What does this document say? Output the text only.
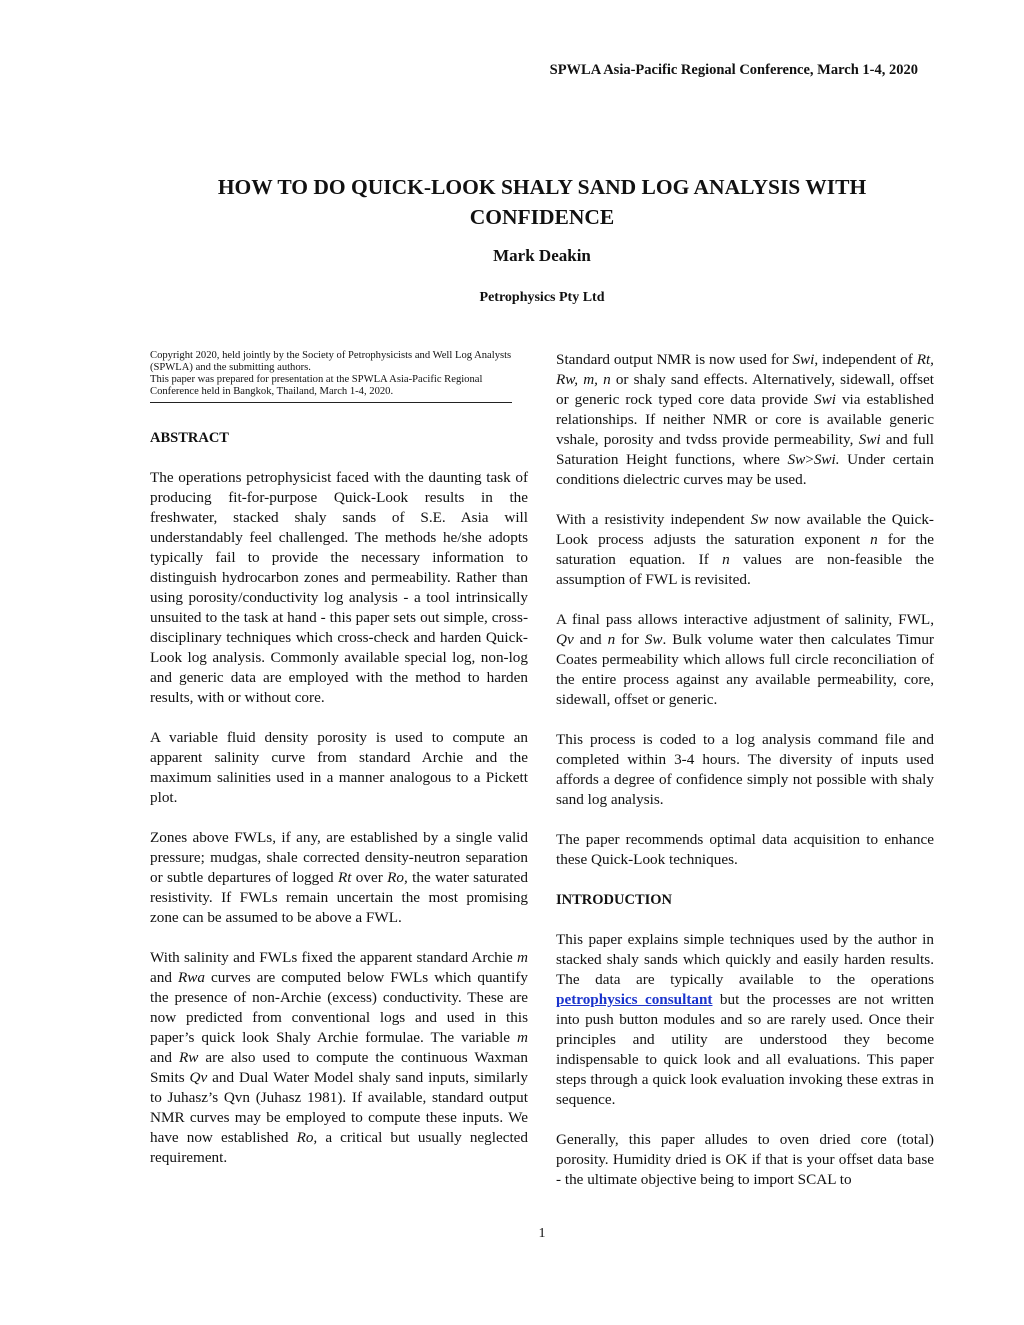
SPWLA Asia-Pacific Regional Conference, March 1-4, 2020
HOW TO DO QUICK-LOOK SHALY SAND LOG ANALYSIS WITH
CONFIDENCE
Mark Deakin
Petrophysics Pty Ltd

Copyright 2020, held jointly by the Society of Petrophysicists and Well Log Analysts (SPWLA) and the submitting authors.

This paper was prepared for presentation at the SPWLA Asia-Pacific Regional Conference held in Bangkok, Thailand, March 1-4, 2020.

ABSTRACT

The operations petrophysicist faced with the daunting task of producing fit-for-purpose Quick-Look results in the freshwater, stacked shaly sands of S.E. Asia will understandably feel challenged. The methods he/she adopts typically fail to provide the necessary information to distinguish hydrocarbon zones and permeability. Rather than using porosity/conductivity log analysis - a tool intrinsically unsuited to the task at hand - this paper sets out simple, cross-disciplinary techniques which cross-check and harden Quick-Look log analysis. Commonly available special log, non-log and generic data are employed with the method to harden results, with or without core.

A variable fluid density porosity is used to compute an apparent salinity curve from standard Archie and the maximum salinities used in a manner analogous to a Pickett plot.

Zones above FWLs, if any, are established by a single valid pressure; mudgas, shale corrected density-neutron separation or subtle departures of logged Rt over Ro, the water saturated resistivity. If FWLs remain uncertain the most promising zone can be assumed to be above a FWL.

With salinity and FWLs fixed the apparent standard Archie m and Rwa curves are computed below FWLs which quantify the presence of non-Archie (excess) conductivity. These are now predicted from conventional logs and used in this paper’s quick look Shaly Archie formulae. The variable m and Rw are also used to compute the continuous Waxman Smits Qv and Dual Water Model shaly sand inputs, similarly to Juhasz’s Qvn (Juhasz 1981). If available, standard output NMR curves may be employed to compute these inputs. We have now established Ro, a critical but usually neglected requirement.

Standard output NMR is now used for Swi, independent of Rt, Rw, m, n or shaly sand effects. Alternatively, sidewall, offset or generic rock typed core data provide Swi via established relationships. If neither NMR or core is available generic vshale, porosity and tvdss provide permeability, Swi and full Saturation Height functions, where Sw>Swi. Under certain conditions dielectric curves may be used.

With a resistivity independent Sw now available the Quick-Look process adjusts the saturation exponent n for the saturation equation. If n values are non-feasible the assumption of FWL is revisited.

A final pass allows interactive adjustment of salinity, FWL, Qv and n for Sw. Bulk volume water then calculates Timur Coates permeability which allows full circle reconciliation of the entire process against any available permeability, core, sidewall, offset or generic.

This process is coded to a log analysis command file and completed within 3-4 hours. The diversity of inputs used affords a degree of confidence simply not possible with shaly sand log analysis.

The paper recommends optimal data acquisition to enhance these Quick-Look techniques.

INTRODUCTION

This paper explains simple techniques used by the author in stacked shaly sands which quickly and easily harden results. The data are typically available to the operations petrophysics consultant but the processes are not written into push button modules and so are rarely used. Once their principles and utility are understood they become indispensable to quick look and all evaluations. This paper steps through a quick look evaluation invoking these extras in sequence.

Generally, this paper alludes to oven dried core (total) porosity. Humidity dried is OK if that is your offset data base - the ultimate objective being to import SCAL to

1
